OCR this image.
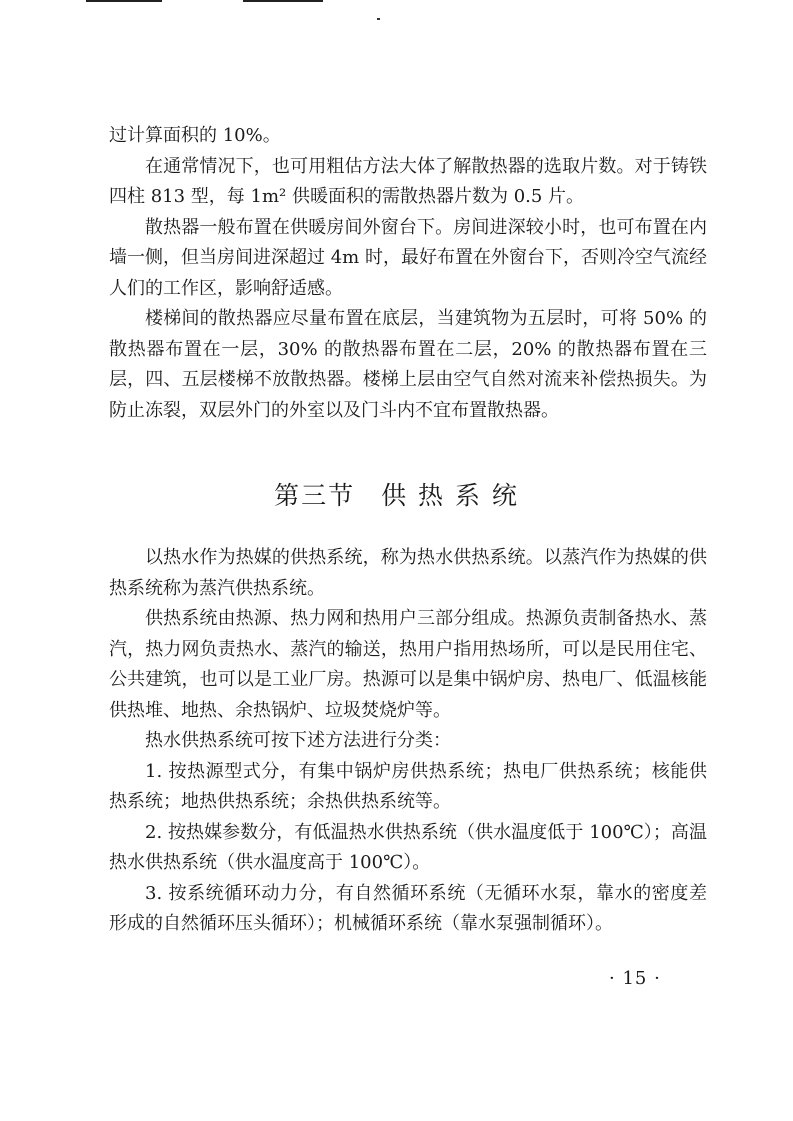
过计算面积的 10%。

在通常情况下，也可用粗估方法大体了解散热器的选取片数。对于铸铁四柱 813 型，每 1m² 供暖面积的需散热器片数为 0.5 片。

散热器一般布置在供暖房间外窗台下。房间进深较小时，也可布置在内墙一侧，但当房间进深超过 4m 时，最好布置在外窗台下，否则冷空气流经人们的工作区，影响舒适感。

楼梯间的散热器应尽量布置在底层，当建筑物为五层时，可将 50% 的散热器布置在一层，30% 的散热器布置在二层，20% 的散热器布置在三层，四、五层楼梯不放散热器。楼梯上层由空气自然对流来补偿热损失。为防止冻裂，双层外门的外室以及门斗内不宜布置散热器。

第三节 供 热 系 统

以热水作为热媒的供热系统，称为热水供热系统。以蒸汽作为热媒的供热系统称为蒸汽供热系统。

供热系统由热源、热力网和热用户三部分组成。热源负责制备热水、蒸汽，热力网负责热水、蒸汽的输送，热用户指用热场所，可以是民用住宅、公共建筑，也可以是工业厂房。热源可以是集中锅炉房、热电厂、低温核能供热堆、地热、余热锅炉、垃圾焚烧炉等。

热水供热系统可按下述方法进行分类：

1. 按热源型式分，有集中锅炉房供热系统；热电厂供热系统；核能供热系统；地热供热系统；余热供热系统等。

2. 按热媒参数分，有低温热水供热系统（供水温度低于 100℃）；高温热水供热系统（供水温度高于 100℃）。

3. 按系统循环动力分，有自然循环系统（无循环水泵，靠水的密度差形成的自然循环压头循环）；机械循环系统（靠水泵强制循环）。

· 15 ·
